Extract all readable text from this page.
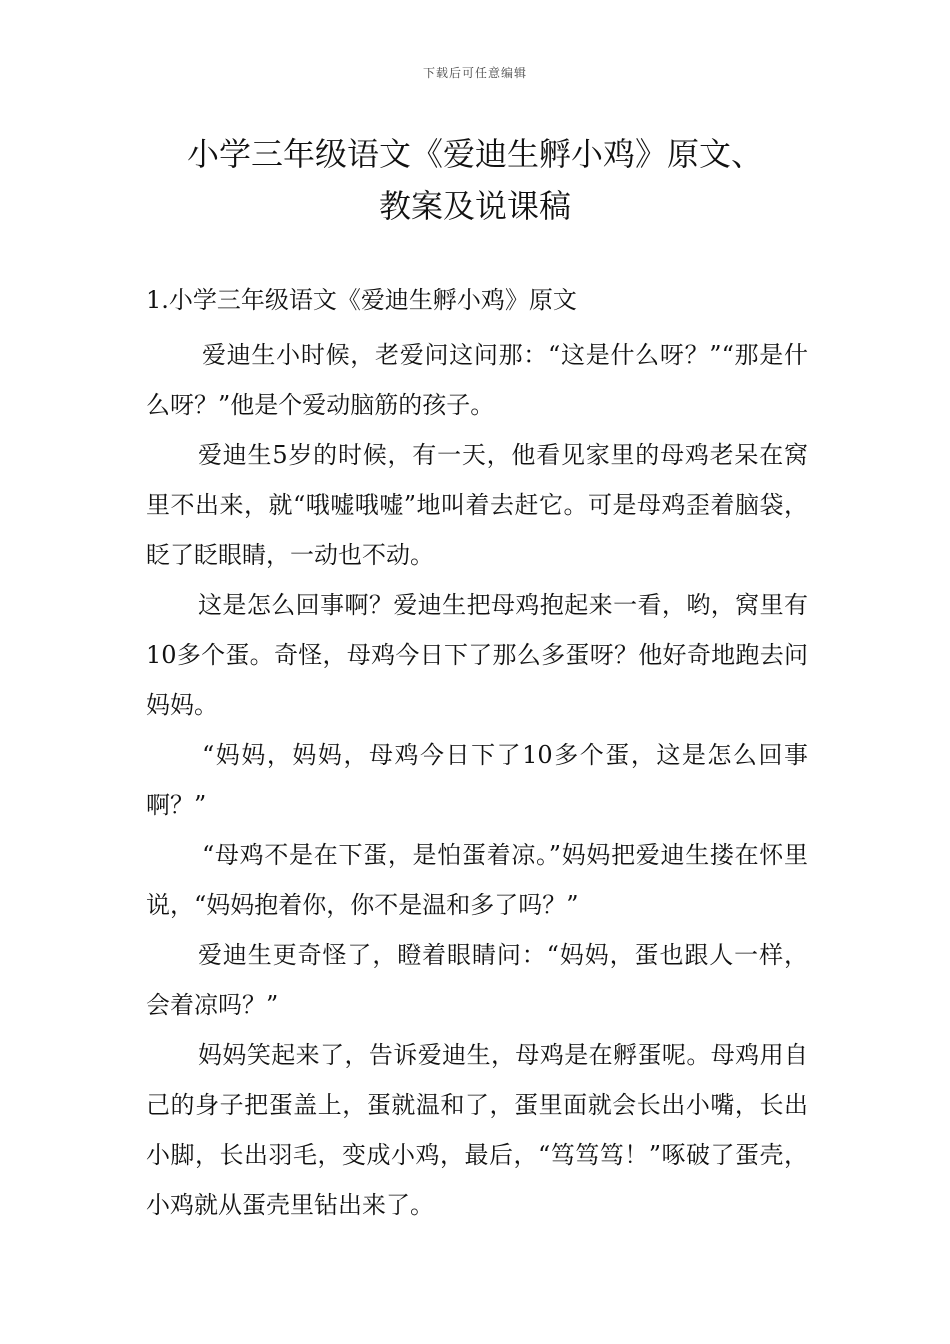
下载后可任意编辑
小学三年级语文《爱迪生孵小鸡》原文、
教案及说课稿

1.小学三年级语文《爱迪生孵小鸡》原文

爱迪生小时候，老爱问这问那：“这是什么呀？”“那是什么呀？”他是个爱动脑筋的孩子。

爱迪生5岁的时候，有一天，他看见家里的母鸡老呆在窝里不出来，就“哦嘘哦嘘”地叫着去赶它。可是母鸡歪着脑袋，眨了眨眼睛，一动也不动。

这是怎么回事啊？爱迪生把母鸡抱起来一看，哟，窝里有10多个蛋。奇怪，母鸡今日下了那么多蛋呀？他好奇地跑去问妈妈。

“妈妈，妈妈，母鸡今日下了10多个蛋，这是怎么回事啊？”

“母鸡不是在下蛋，是怕蛋着凉。”妈妈把爱迪生搂在怀里说，“妈妈抱着你，你不是温和多了吗？”

爱迪生更奇怪了，瞪着眼睛问：“妈妈，蛋也跟人一样，会着凉吗？”

妈妈笑起来了，告诉爱迪生，母鸡是在孵蛋呢。母鸡用自己的身子把蛋盖上，蛋就温和了，蛋里面就会长出小嘴，长出小脚，长出羽毛，变成小鸡，最后，“笃笃笃！”啄破了蛋壳，小鸡就从蛋壳里钻出来了。
